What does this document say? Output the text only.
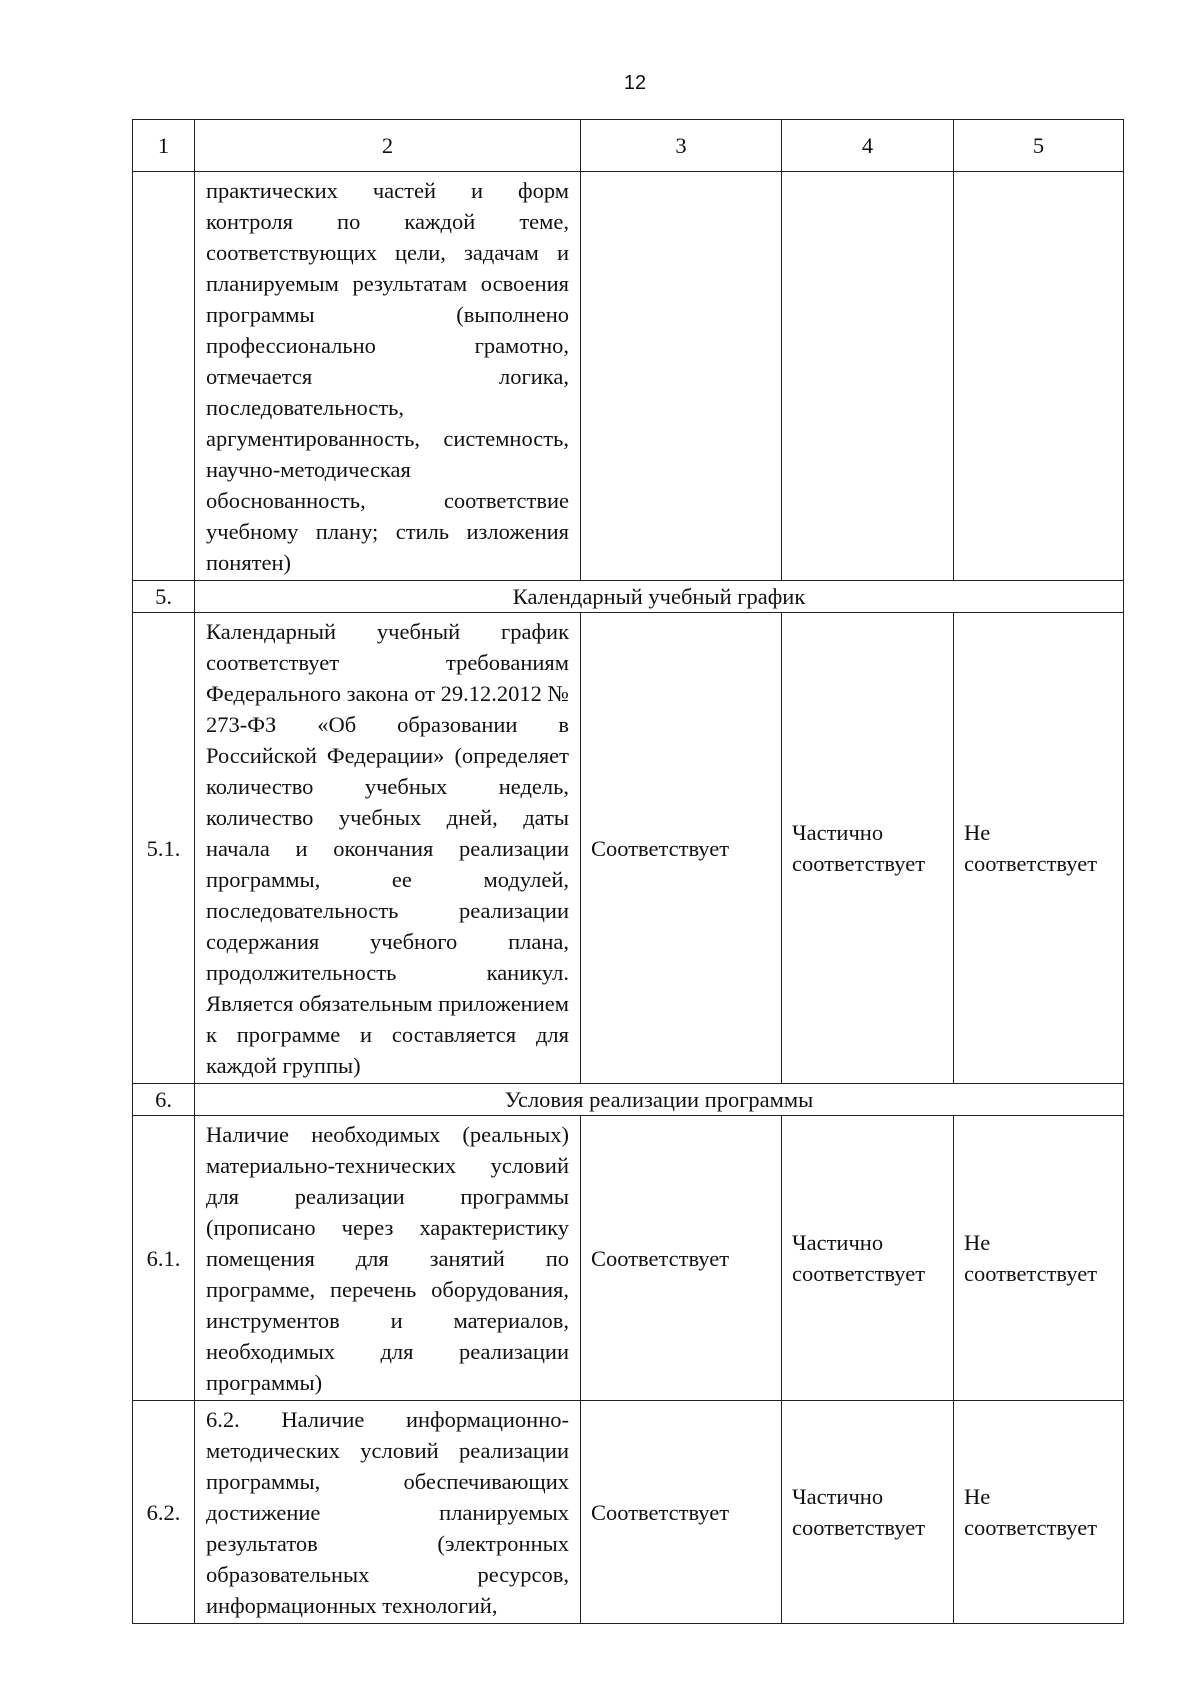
12
1	2	3	4	5
	практических частей и форм контроля по каждой теме, соответствующих цели, задачам и планируемым результатам освоения программы (выполнено профессионально грамотно, отмечается логика, последовательность, аргументированность, системность, научно-методическая обоснованность, соответствие учебному плану; стиль изложения понятен)			
5.	Календарный учебный график			
5.1.	Календарный учебный график соответствует требованиям Федерального закона от 29.12.2012 № 273-ФЗ «Об образовании в Российской Федерации» (определяет количество учебных недель, количество учебных дней, даты начала и окончания реализации программы, ее модулей, последовательность реализации содержания учебного плана, продолжительность каникул. Является обязательным приложением к программе и составляется для каждой группы)	Соответствует	Частично соответствует	Не соответствует
6.	Условия реализации программы			
6.1.	Наличие необходимых (реальных) материально-технических условий для реализации программы (прописано через характеристику помещения для занятий по программе, перечень оборудования, инструментов и материалов, необходимых для реализации программы)	Соответствует	Частично соответствует	Не соответствует
6.2.	6.2. Наличие информационно-методических условий реализации программы, обеспечивающих достижение планируемых результатов (электронных образовательных ресурсов, информационных технологий,	Соответствует	Частично соответствует	Не соответствует
